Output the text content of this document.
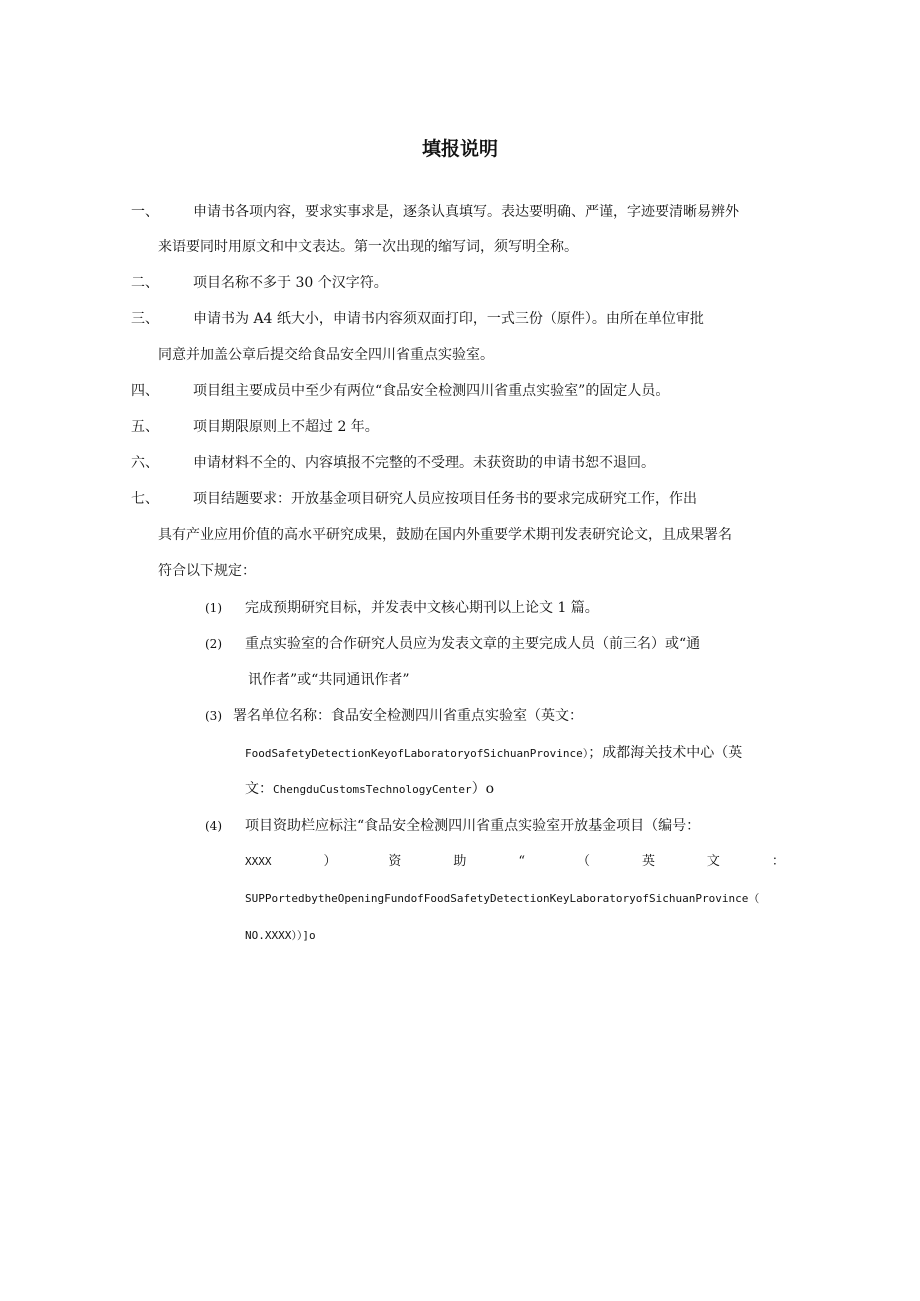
填报说明
一、 申请书各项内容，要求实事求是，逐条认真填写。表达要明确、严谨，字迹要清晰易辨外
来语要同时用原文和中文表达。第一次出现的缩写词，须写明全称。
二、 项目名称不多于 30 个汉字符。
三、 申请书为 A4 纸大小，申请书内容须双面打印，一式三份（原件）。由所在单位审批
同意并加盖公章后提交给食品安全四川省重点实验室。
四、 项目组主要成员中至少有两位“食品安全检测四川省重点实验室”的固定人员。
五、 项目期限原则上不超过 2 年。
六、 申请材料不全的、内容填报不完整的不受理。未获资助的申请书恕不退回。
七、 项目结题要求：开放基金项目研究人员应按项目任务书的要求完成研究工作，作出
具有产业应用价值的高水平研究成果，鼓励在国内外重要学术期刊发表研究论文，且成果署名
符合以下规定：
(1) 完成预期研究目标，并发表中文核心期刊以上论文 1 篇。
(2) 重点实验室的合作研究人员应为发表文章的主要完成人员（前三名）或“通
讯作者”或“共同通讯作者”
(3) 署名单位名称：食品安全检测四川省重点实验室（英文：
FoodSafetyDetectionKeyofLaboratoryofSichuanProvince）；成都海关技术中心（英
文：ChengduCustomsTechnologyCenter）o
(4) 项目资助栏应标注“食品安全检测四川省重点实验室开放基金项目（编号：
XXXX	）	资	助	“	（	英	文	：
SUPPortedbytheOpeningFundofFoodSafetyDetectionKeyLaboratoryofSichuanProvince（
NO.XXXX））]o
